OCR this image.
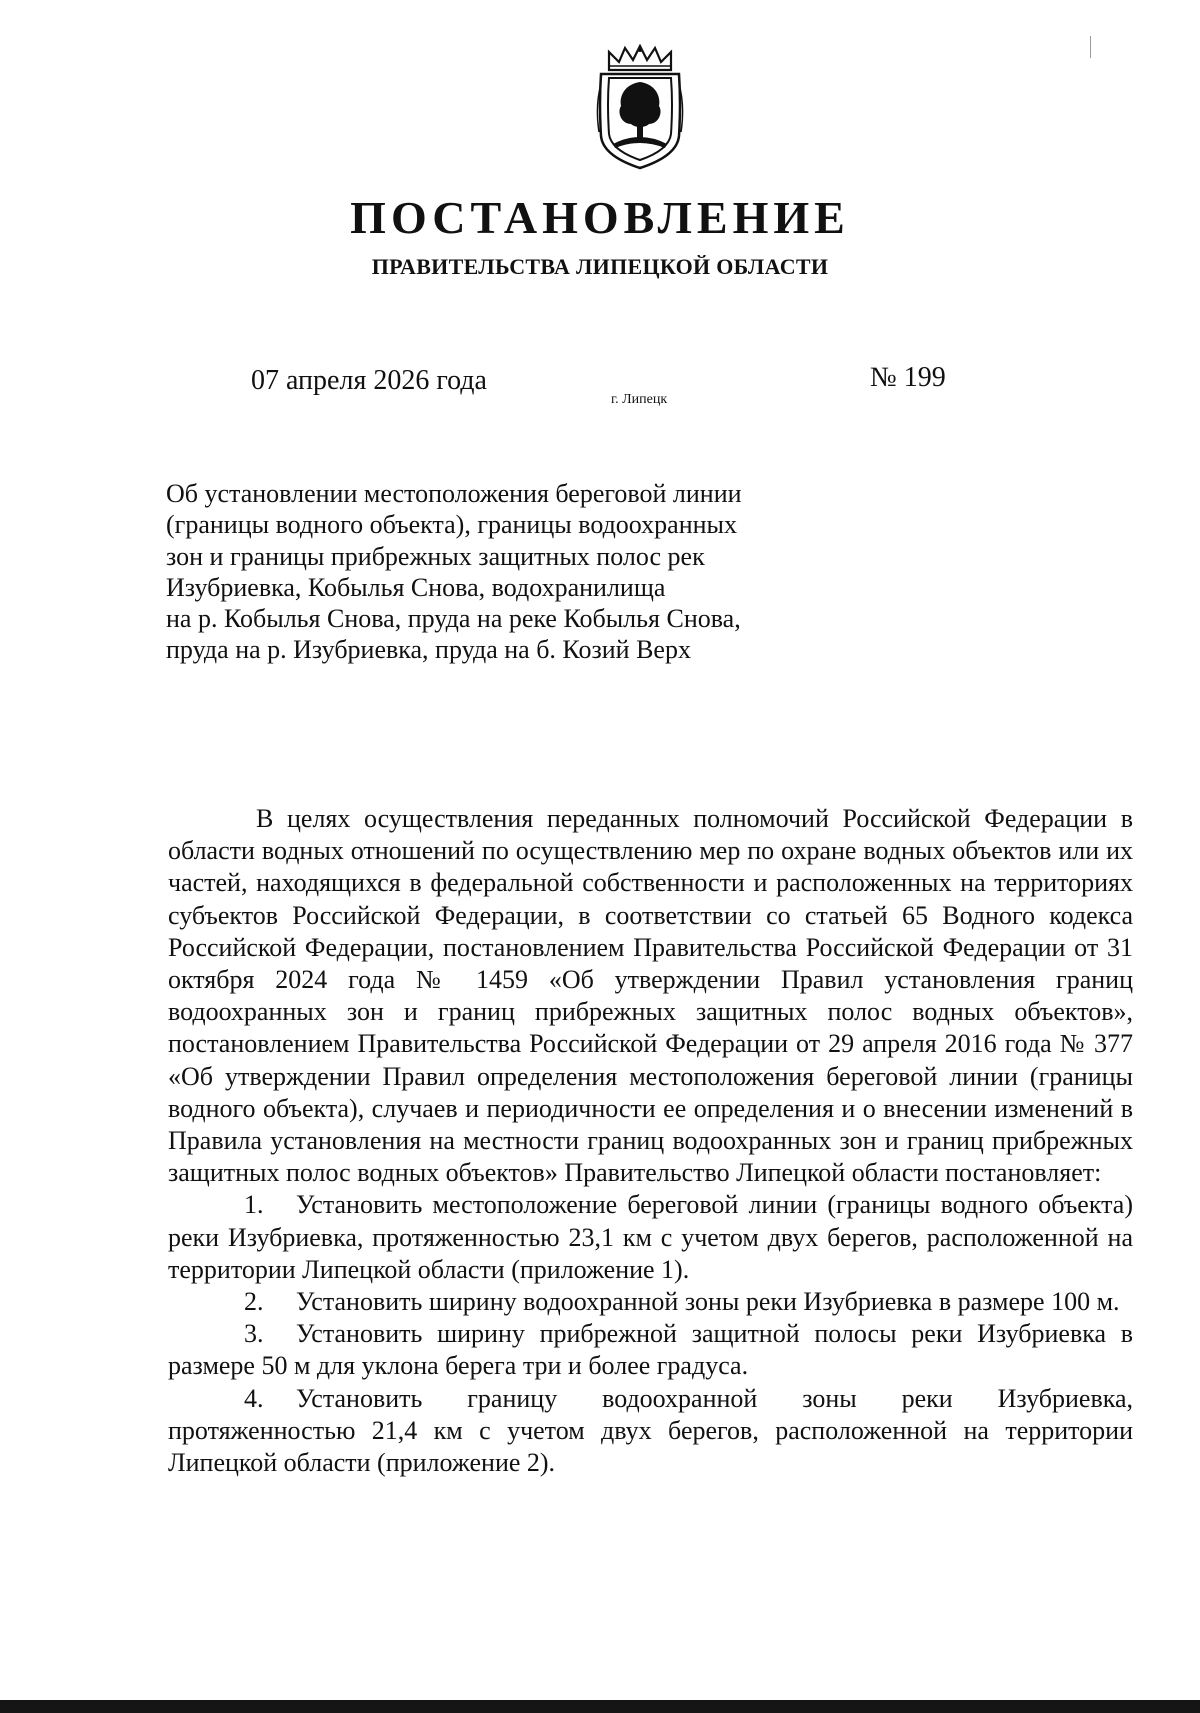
ПОСТАНОВЛЕНИЕ
ПРАВИТЕЛЬСТВА ЛИПЕЦКОЙ ОБЛАСТИ
07 апреля 2026 года
г. Липецк
№ 199
Об установлении местоположения береговой линии
(границы водного объекта), границы водоохранных
зон и границы прибрежных защитных полос рек
Изубриевка, Кобылья Снова, водохранилища
на р. Кобылья Снова, пруда на реке Кобылья Снова,
пруда на р. Изубриевка, пруда на б. Козий Верх

В целях осуществления переданных полномочий Российской Федерации в области водных отношений по осуществлению мер по охране водных объектов или их частей, находящихся в федеральной собственности и расположенных на территориях субъектов Российской Федерации, в соответствии со статьей 65 Водного кодекса Российской Федерации, постановлением Правительства Российской Федерации от 31 октября 2024 года № 1459 «Об утверждении Правил установления границ водоохранных зон и границ прибрежных защитных полос водных объектов», постановлением Правительства Российской Федерации от 29 апреля 2016 года № 377 «Об утверждении Правил определения местоположения береговой линии (границы водного объекта), случаев и периодичности ее определения и о внесении изменений в Правила установления на местности границ водоохранных зон и границ прибрежных защитных полос водных объектов» Правительство Липецкой области постановляет:

1. Установить местоположение береговой линии (границы водного объекта) реки Изубриевка, протяженностью 23,1 км с учетом двух берегов, расположенной на территории Липецкой области (приложение 1).

2. Установить ширину водоохранной зоны реки Изубриевка в размере 100 м.

3. Установить ширину прибрежной защитной полосы реки Изубриевка в размере 50 м для уклона берега три и более градуса.

4. Установить границу водоохранной зоны реки Изубриевка, протяженностью 21,4 км с учетом двух берегов, расположенной на территории Липецкой области (приложение 2).
